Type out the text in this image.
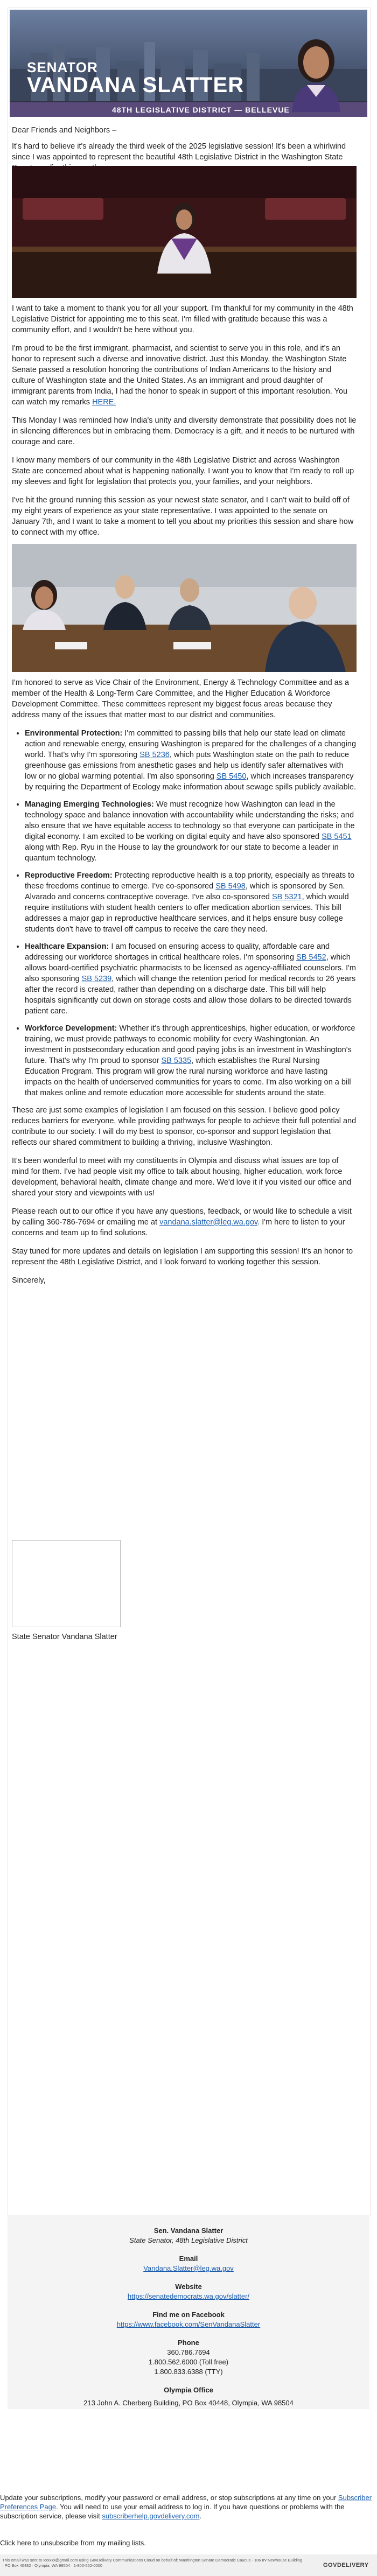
SENATOR
VANDANA SLATTER
48TH LEGISLATIVE DISTRICT — BELLEVUE

Dear Friends and Neighbors –

It's hard to believe it's already the third week of the 2025 legislative session! It's been a whirlwind since I was appointed to represent the beautiful 48th Legislative District in the Washington State

I want to take a moment to thank you for all your support. I'm thankful for my community in the 48th Legislative District for appointing me to this seat. I'm filled with gratitude because this was a community effort, and I wouldn't be here without you.

I'm proud to be the first immigrant, pharmacist, and scientist to serve you in this role, and it's an honor to represent such a diverse and innovative district. Just this Monday, the Washington State Senate passed a resolution honoring the contributions of Indian Americans to the history and culture of Washington state and the United States. As an immigrant and proud daughter of immigrant parents from India, I had the honor to speak in support of this important resolution. You can watch my remarks HERE.

This Monday I was reminded how India's unity and diversity demonstrate that possibility does not lie in silencing differences but in embracing them. Democracy is a gift, and it needs to be nurtured with courage and care.

I know many members of our community in the 48th Legislative District and across Washington State are concerned about what is happening nationally. I want you to know that I'm ready to roll up my sleeves and fight for legislation that protects you, your families, and your neighbors.

I've hit the ground running this session as your newest state senator, and I can't wait to build off of my eight years of experience as your state representative. I was appointed to the senate on January 7th, and I want to take a moment to tell you about my priorities this session and share how to connect with my office.

I'm honored to serve as Vice Chair of the Environment, Energy & Technology Committee and as a member of the Health & Long-Term Care Committee, and the Higher Education & Workforce Development Committee. These committees represent my biggest focus areas because they address many of the issues that matter most to our district and communities.

• Environmental Protection: I'm committed to passing bills that help our state lead on climate action and renewable energy, ensuring Washington is prepared for the challenges of a changing world. That's why I'm sponsoring SB 5236, which puts Washington state on the path to reduce greenhouse gas emissions from anesthetic gases and help us identify safer alternatives with low or no global warming potential. I'm also sponsoring SB 5450, which increases transparency by requiring the Department of Ecology make information about sewage spills publicly available.
• Managing Emerging Technologies: We must recognize how Washington can lead in the technology space and balance innovation with accountability while understanding the risks; and also ensure that we have equitable access to technology so that everyone can participate in the digital economy. I am excited to be working on digital equity and have also sponsored SB 5451 along with Rep. Ryu in the House to lay the groundwork for our state to become a leader in quantum technology.
• Reproductive Freedom: Protecting reproductive health is a top priority, especially as threats to these freedoms continue to emerge. I've co-sponsored SB 5498, which is sponsored by Sen. Alvarado and concerns contraceptive coverage. I've also co-sponsored SB 5321, which would require institutions with student health centers to offer medication abortion services. This bill addresses a major gap in reproductive healthcare services, and it helps ensure busy college students don't have to travel off campus to receive the care they need.
• Healthcare Expansion: I am focused on ensuring access to quality, affordable care and addressing our workforce shortages in critical healthcare roles. I'm sponsoring SB 5452, which allows board-certified psychiatric pharmacists to be licensed as agency-affiliated counselors. I'm also sponsoring SB 5239, which will change the retention period for medical records to 26 years after the record is created, rather than depending on a discharge date. This bill will help hospitals significantly cut down on storage costs and allow those dollars to be directed towards patient care.
• Workforce Development: Whether it's through apprenticeships, higher education, or workforce training, we must provide pathways to economic mobility for every Washingtonian. An investment in postsecondary education and good paying jobs is an investment in Washington's future. That's why I'm proud to sponsor SB 5335, which establishes the Rural Nursing Education Program. This program will grow the rural nursing workforce and have lasting impacts on the health of underserved communities for years to come. I'm also working on a bill that makes online and remote education more accessible for students around the state.

These are just some examples of legislation I am focused on this session. I believe good policy reduces barriers for everyone, while providing pathways for people to achieve their full potential and contribute to our society. I will do my best to sponsor, co-sponsor and support legislation that reflects our shared commitment to building a thriving, inclusive Washington.

It's been wonderful to meet with my constituents in Olympia and discuss what issues are top of mind for them. I've had people visit my office to talk about housing, higher education, work force development, behavioral health, climate change and more. We'd love it if you visited our office and shared your story and viewpoints with us!

Please reach out to our office if you have any questions, feedback, or would like to schedule a visit by calling 360-786-7694 or emailing me at vandana.slatter@leg.wa.gov. I'm here to listen to your concerns and team up to find solutions.

Stay tuned for more updates and details on legislation I am supporting this session! It's an honor to represent the 48th Legislative District, and I look forward to working together this session.

Sincerely,

State Senator Vandana Slatter

Sen. Vandana Slatter
State Senator, 48th Legislative District
Email
Vandana.Slatter@leg.wa.gov
Website
https://senatedemocrats.wa.gov/slatter/
Find me on Facebook
https://www.facebook.com/SenVandanaSlatter
Phone
360.786.7694
1.800.562.6000 (Toll free)
1.800.833.6388 (TTY)
Olympia Office
213 John A. Cherberg Building, PO Box 40448, Olympia, WA 98504
Update your subscriptions, modify your password or email address, or stop subscriptions at any time on your Subscriber Preferences Page. You will need to use your email address to log in. If you have questions or problems with the subscription service, please visit subscriberhelp.govdelivery.com.
Click here to unsubscribe from my mailing lists.
This email was sent to xxxxxx@gmail.com using GovDelivery Communications Cloud on behalf of: Washington Senate Democratic Caucus · 106 Irv Newhouse Building · PO Box 40482 · Olympia, WA 98504 · 1-800-562-6000	GOVDELIVERY
